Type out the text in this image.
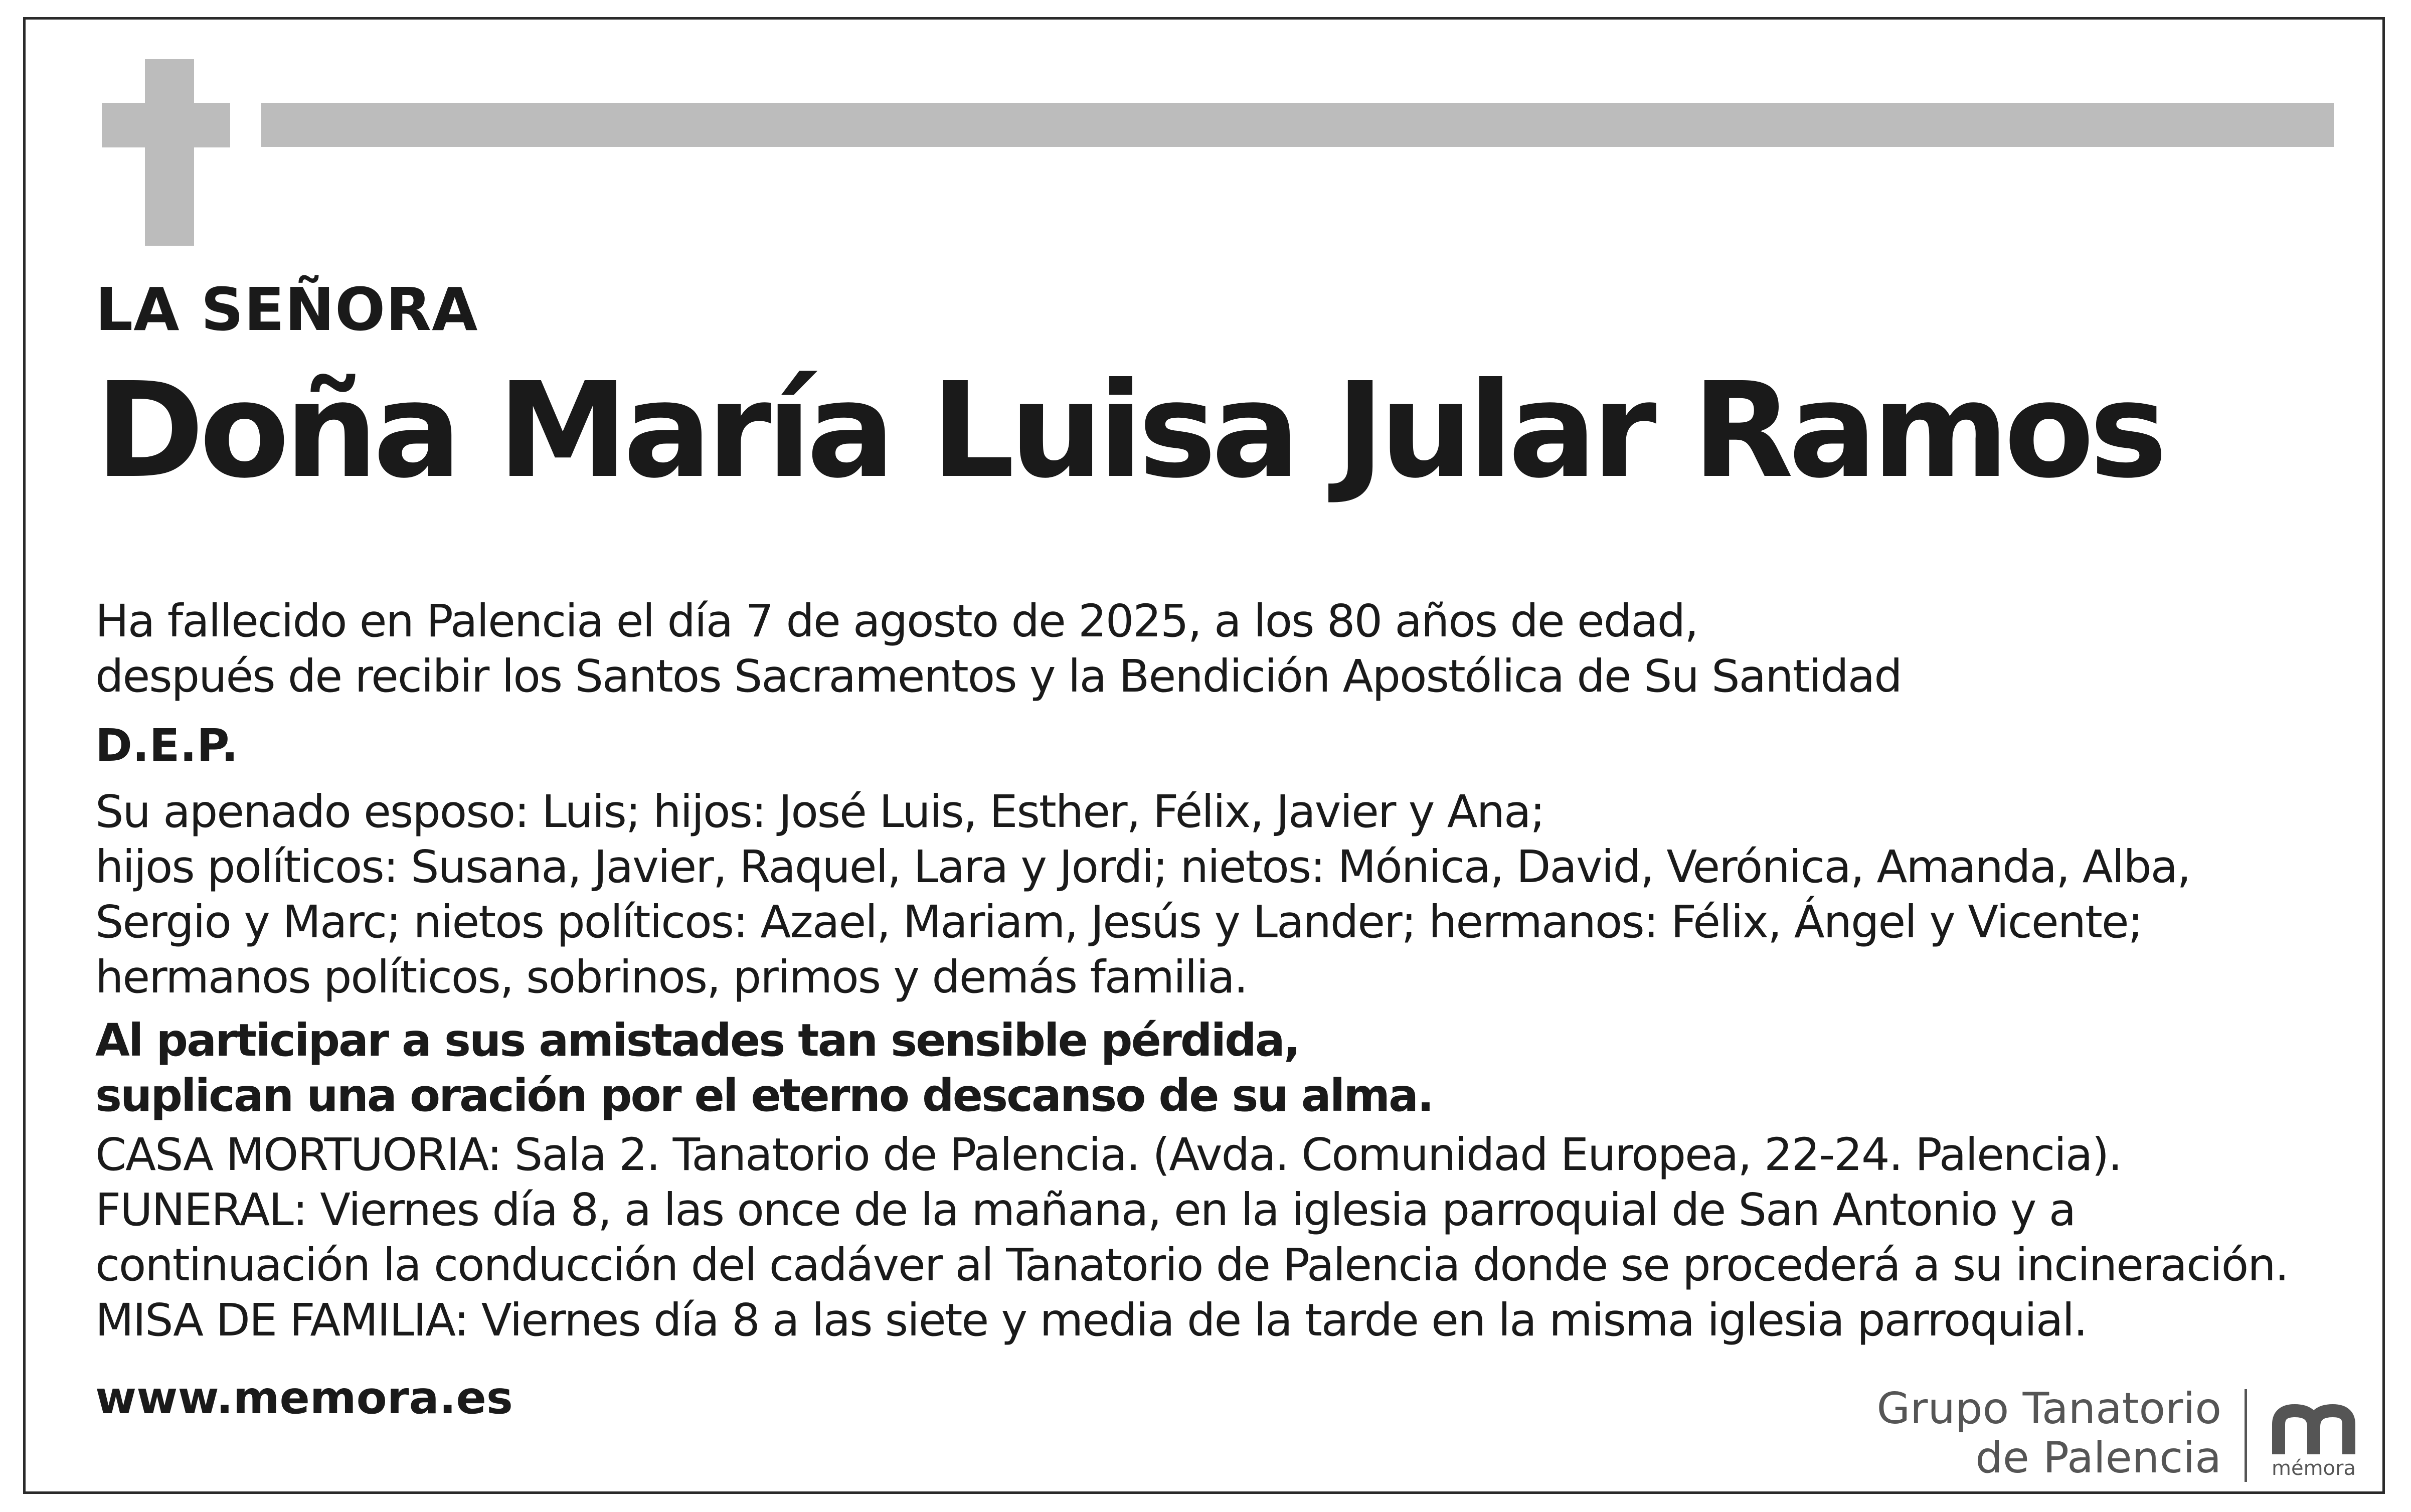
LA SEÑORA
Doña María Luisa Jular Ramos
Ha fallecido en Palencia el día 7 de agosto de 2025, a los 80 años de edad,
después de recibir los Santos Sacramentos y la Bendición Apostólica de Su Santidad
D.E.P.
Su apenado esposo: Luis; hijos: José Luis, Esther, Félix, Javier y Ana;
hijos políticos: Susana, Javier, Raquel, Lara y Jordi; nietos: Mónica, David, Verónica, Amanda, Alba,
Sergio y Marc; nietos políticos: Azael, Mariam, Jesús y Lander; hermanos: Félix, Ángel y Vicente;
hermanos políticos, sobrinos, primos y demás familia.
Al participar a sus amistades tan sensible pérdida,
suplican una oración por el eterno descanso de su alma.
CASA MORTUORIA: Sala 2. Tanatorio de Palencia. (Avda. Comunidad Europea, 22-24. Palencia).
FUNERAL: Viernes día 8, a las once de la mañana, en la iglesia parroquial de San Antonio y a
continuación la conducción del cadáver al Tanatorio de Palencia donde se procederá a su incineración.
MISA DE FAMILIA: Viernes día 8 a las siete y media de la tarde en la misma iglesia parroquial.
www.memora.es	Grupo Tanatorio
de Palencia	mémora
